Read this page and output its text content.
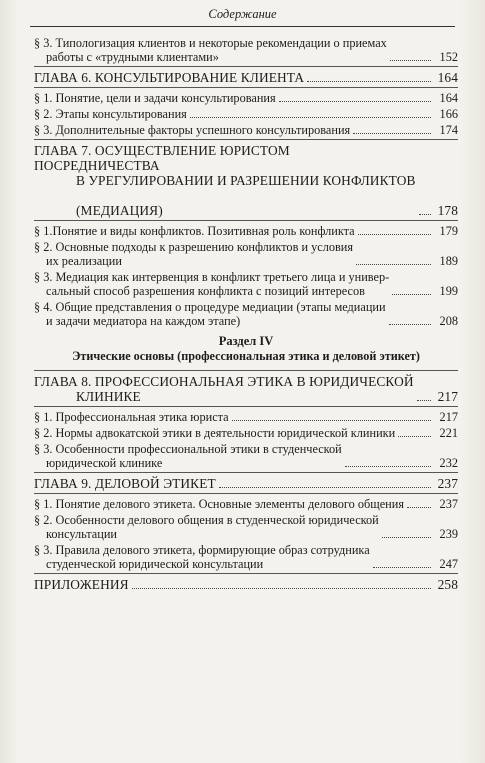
Содержание
§ 3. Типологизация клиентов и некоторые рекомендации о приемах
работы с «трудными клиентами»	152
ГЛАВА 6. КОНСУЛЬТИРОВАНИЕ КЛИЕНТА	164
§ 1. Понятие, цели и задачи консультирования	164
§ 2. Этапы консультирования	166
§ 3. Дополнительные факторы успешного консультирования	174
ГЛАВА 7. ОСУЩЕСТВЛЕНИЕ ЮРИСТОМ ПОСРЕДНИЧЕСТВА

В УРЕГУЛИРОВАНИИ И РАЗРЕШЕНИИ КОНФЛИКТОВ

(МЕДИАЦИЯ)	178
§ 1.Понятие и виды конфликтов. Позитивная роль конфликта	179
§ 2. Основные подходы к разрешению конфликтов и условия
их реализации	189
§ 3. Медиация как интервенция в конфликт третьего лица и универ-
сальный способ разрешения конфликта с позиций интересов	199
§ 4. Общие представления о процедуре медиации (этапы медиации
и задачи медиатора на каждом этапе)	208
Раздел IV
Этические основы (профессиональная этика и деловой этикет)
ГЛАВА 8. ПРОФЕССИОНАЛЬНАЯ ЭТИКА В ЮРИДИЧЕСКОЙ

КЛИНИКЕ	217
§ 1. Профессиональная этика юриста	217
§ 2. Нормы адвокатской этики в деятельности юридической клиники	221
§ 3. Особенности профессиональной этики в студенческой
юридической клинике	232
ГЛАВА 9. ДЕЛОВОЙ ЭТИКЕТ	237
§ 1. Понятие делового этикета. Основные элементы делового общения	237
§ 2. Особенности делового общения в студенческой юридической
консультации	239
§ 3. Правила делового этикета, формирующие образ сотрудника
студенческой юридической консультации	247
ПРИЛОЖЕНИЯ	258
